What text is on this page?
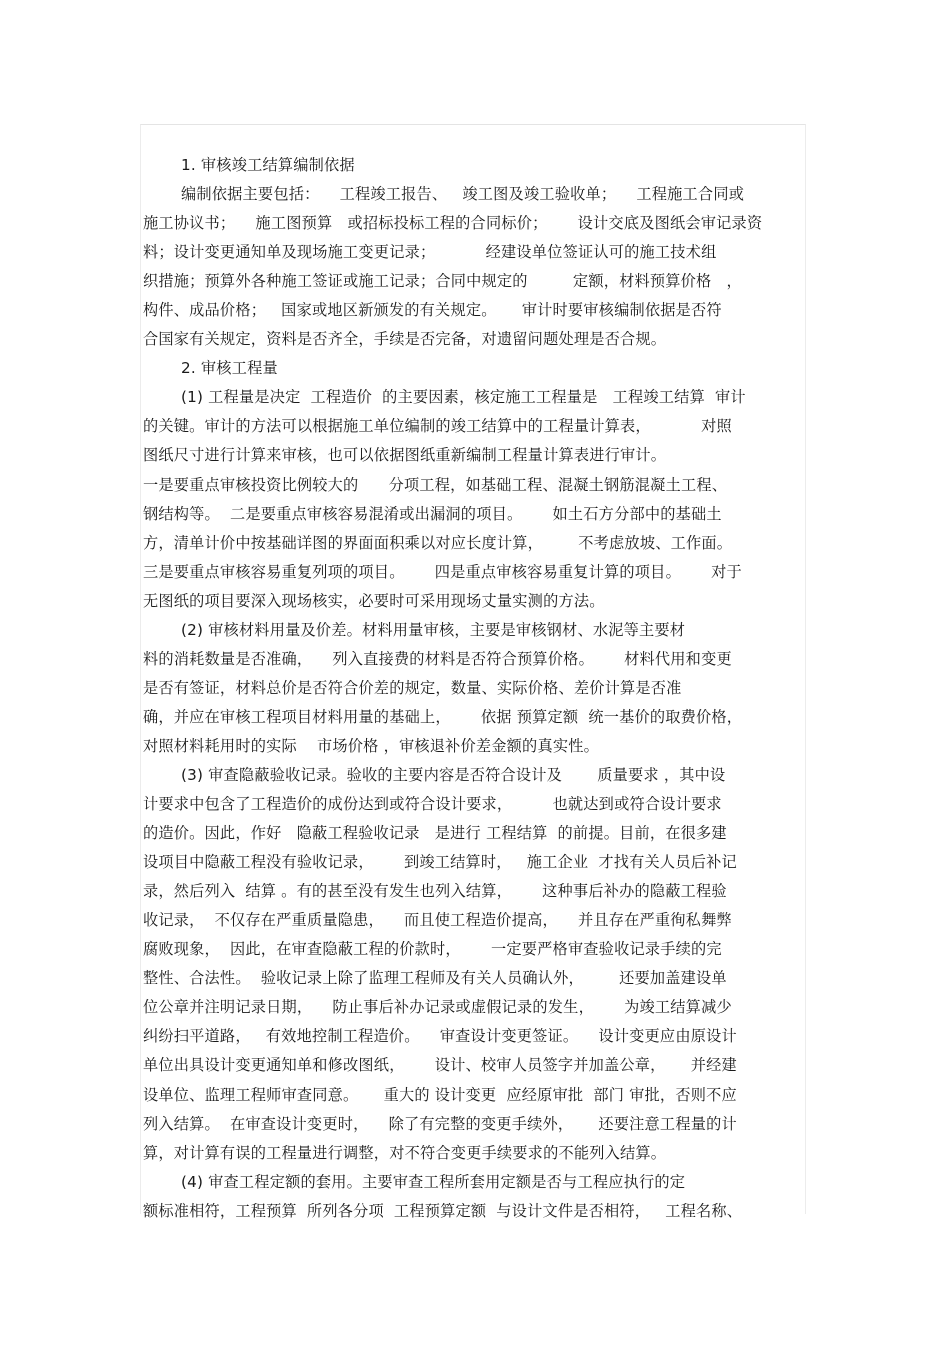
1. 审核竣工结算编制依据
编制依据主要包括：    工程竣工报告、   竣工图及竣工验收单；    工程施工合同或
施工协议书；    施工图预算   或招标投标工程的合同标价；      设计交底及图纸会审记录资
料；设计变更通知单及现场施工变更记录；          经建设单位签证认可的施工技术组
织措施；预算外各种施工签证或施工记录；合同中规定的         定额，材料预算价格   ，
构件、成品价格；   国家或地区新颁发的有关规定。     审计时要审核编制依据是否符
合国家有关规定，资料是否齐全，手续是否完备，对遗留问题处理是否合规。
2. 审核工程量
(1) 工程量是决定  工程造价  的主要因素，核定施工工程量是   工程竣工结算  审计
的关键。审计的方法可以根据施工单位编制的竣工结算中的工程量计算表，          对照
图纸尺寸进行计算来审核，也可以依据图纸重新编制工程量计算表进行审计。
一是要重点审核投资比例较大的      分项工程，如基础工程、混凝土钢筋混凝土工程、
钢结构等。  二是要重点审核容易混淆或出漏洞的项目。      如土石方分部中的基础土
方，清单计价中按基础详图的界面面积乘以对应长度计算，       不考虑放坡、工作面。
三是要重点审核容易重复列项的项目。      四是重点审核容易重复计算的项目。      对于
无图纸的项目要深入现场核实，必要时可采用现场丈量实测的方法。
(2) 审核材料用量及价差。材料用量审核，主要是审核钢材、水泥等主要材
料的消耗数量是否准确，    列入直接费的材料是否符合预算价格。      材料代用和变更
是否有签证，材料总价是否符合价差的规定，数量、实际价格、差价计算是否准
确，并应在审核工程项目材料用量的基础上，      依据 预算定额  统一基价的取费价格，
对照材料耗用时的实际    市场价格 ，审核退补价差金额的真实性。
(3) 审查隐蔽验收记录。验收的主要内容是否符合设计及       质量要求 ，其中设
计要求中包含了工程造价的成份达到或符合设计要求，        也就达到或符合设计要求
的造价。因此，作好   隐蔽工程验收记录   是进行 工程结算  的前提。目前，在很多建
设项目中隐蔽工程没有验收记录，      到竣工结算时，   施工企业  才找有关人员后补记
录，然后列入  结算 。有的甚至没有发生也列入结算，      这种事后补办的隐蔽工程验
收记录，  不仅存在严重质量隐患，    而且使工程造价提高，    并且存在严重徇私舞弊
腐败现象，  因此，在审查隐蔽工程的价款时，      一定要严格审查验收记录手续的完
整性、合法性。  验收记录上除了监理工程师及有关人员确认外，       还要加盖建设单
位公章并注明记录日期，    防止事后补办记录或虚假记录的发生，      为竣工结算减少
纠纷扫平道路，   有效地控制工程造价。    审查设计变更签证。    设计变更应由原设计
单位出具设计变更通知单和修改图纸，      设计、校审人员签字并加盖公章，     并经建
设单位、监理工程师审查同意。     重大的 设计变更  应经原审批  部门 审批，否则不应
列入结算。  在审查设计变更时，    除了有完整的变更手续外，     还要注意工程量的计
算，对计算有误的工程量进行调整，对不符合变更手续要求的不能列入结算。
(4) 审查工程定额的套用。主要审查工程所套用定额是否与工程应执行的定
额标准相符，工程预算  所列各分项  工程预算定额  与设计文件是否相符，   工程名称、
